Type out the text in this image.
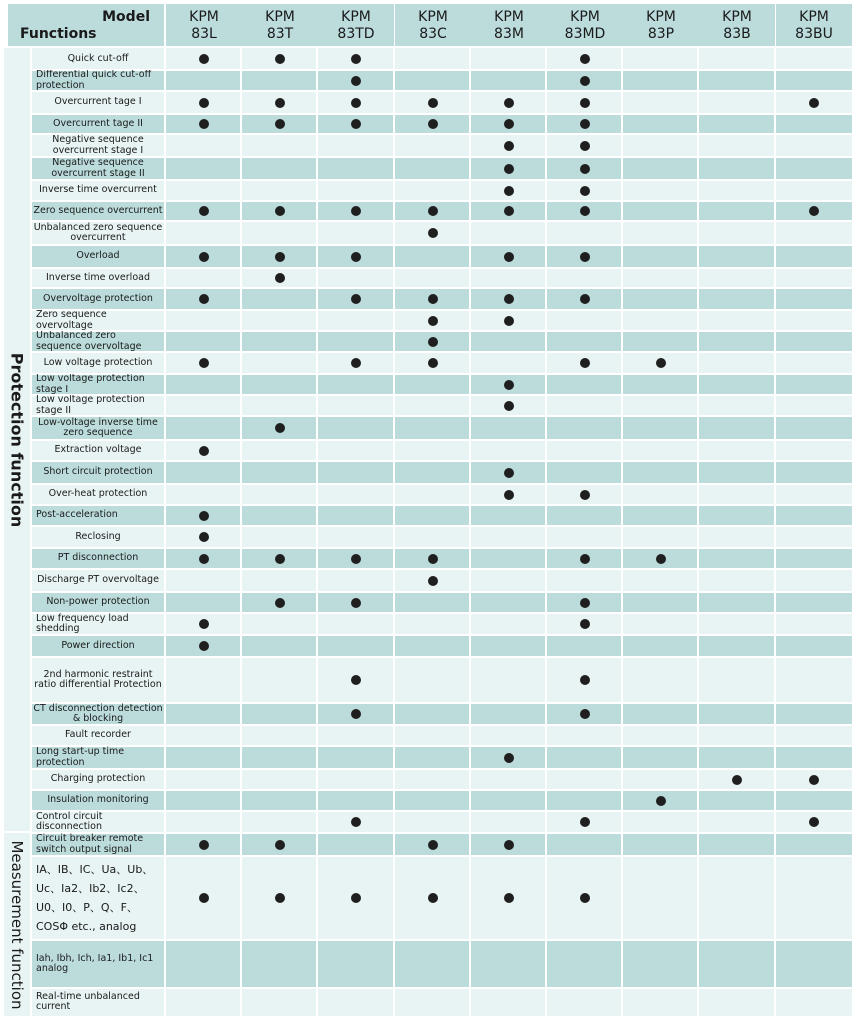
Model
Functions
KPM
83L
KPM
83T
KPM
83TD
KPM
83C
KPM
83M
KPM
83MD
KPM
83P
KPM
83B
KPM
83BU
Quick cut-off
Differential quick cut-off protection
Overcurrent tage I
Overcurrent tage II
Negative sequence overcurrent stage I
Negative sequence overcurrent stage II
Inverse time overcurrent
Zero sequence overcurrent
Unbalanced zero sequence overcurrent
Overload
Inverse time overload
Overvoltage protection
Zero sequence overvoltage
Unbalanced zero sequence overvoltage
Low voltage protection
Low voltage protection stage I
Low voltage protection stage II
Low-voltage inverse time zero sequence
Extraction voltage
Short circuit protection
Over-heat protection
Post-acceleration
Reclosing
PT disconnection
Discharge PT overvoltage
Non-power protection
Low frequency load shedding
Power direction
2nd harmonic restraint ratio differential Protection
CT disconnection detection & blocking
Fault recorder
Long start-up time protection
Charging protection
Insulation monitoring
Control circuit disconnection
Circuit breaker remote switch output signal
ⅠA、ⅠB、ⅠC、Ua、Ub、Uc、Ia2、Ib2、Ic2、U0、I0、P、Q、F、COSΦ etc., analog
Iah, Ibh, Ich, Ia1, Ib1, Ic1 analog
Real-time unbalanced current
Protection function
Measurement function
